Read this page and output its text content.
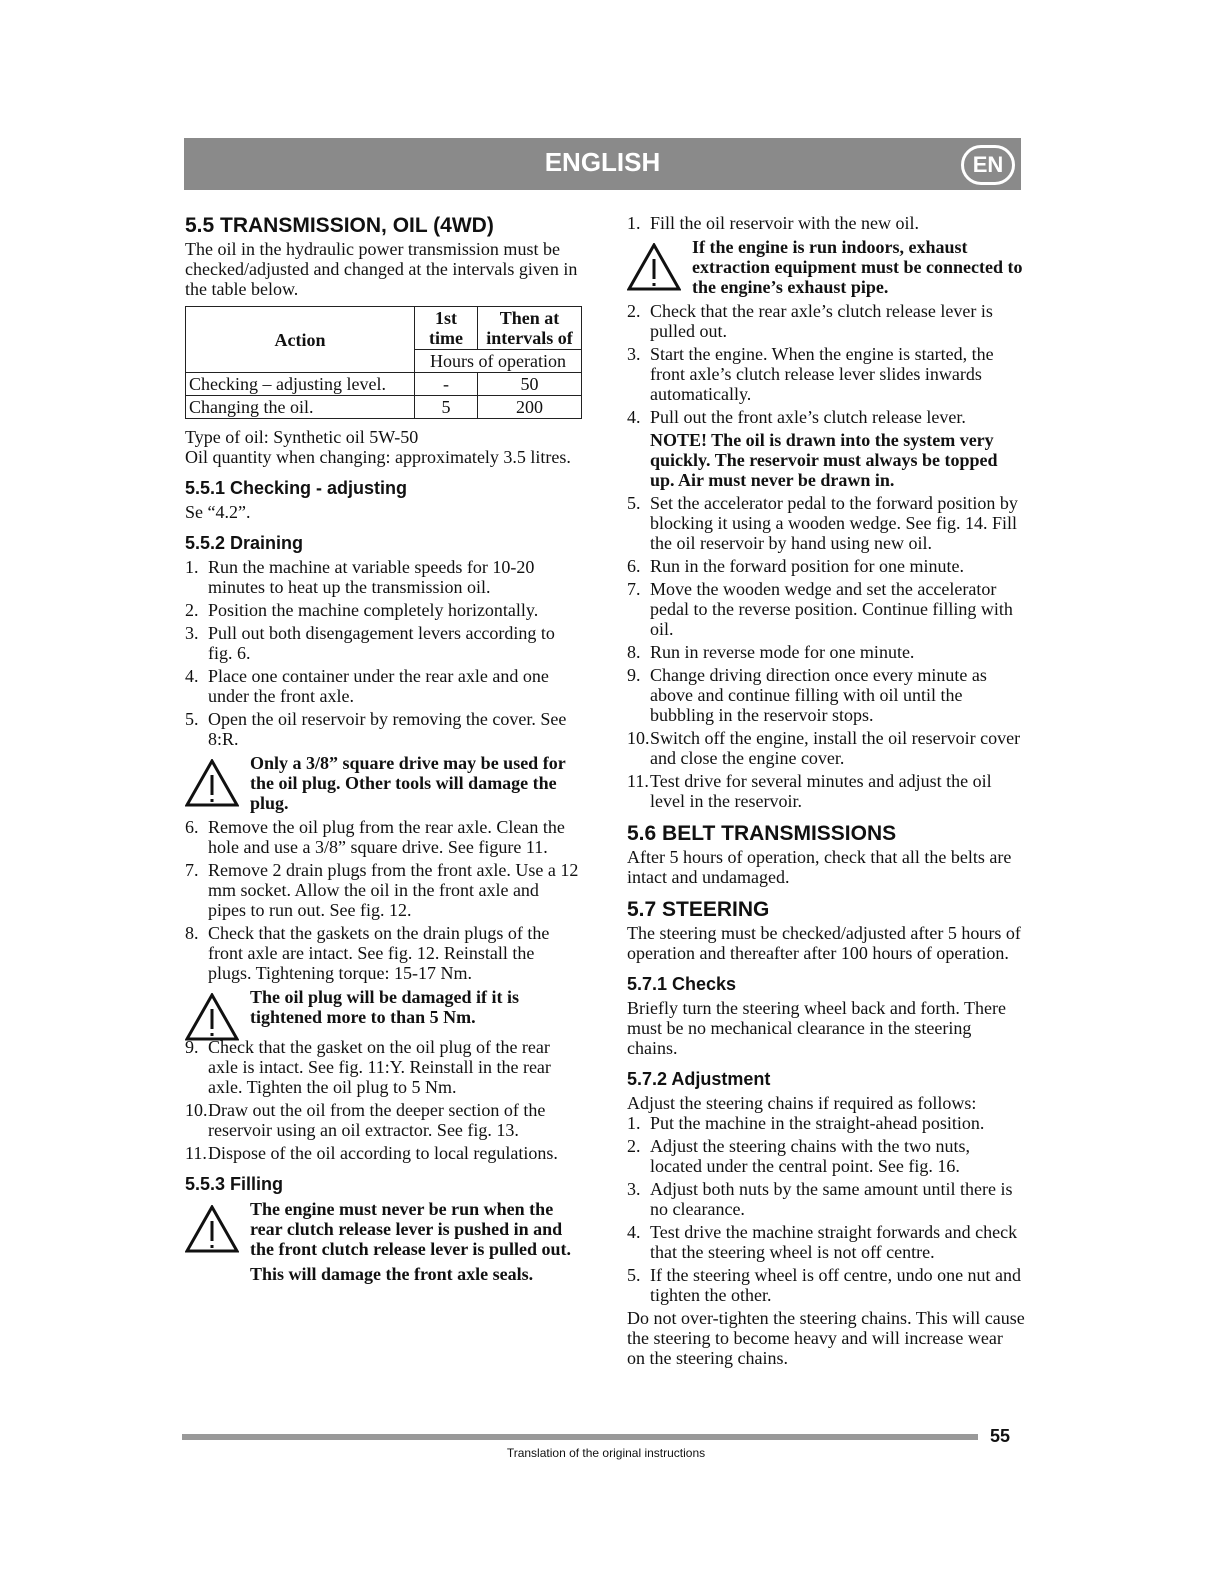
ENGLISH	EN
5.5 TRANSMISSION, OIL (4WD)

The oil in the hydraulic power transmission must be checked/adjusted and changed at the intervals given in the table below.

Action	1st time	Then at intervals of
	Hours of operation	
Checking – adjusting level.	-	50
Changing the oil.	5	200

Type of oil: Synthetic oil 5W-50

Oil quantity when changing: approximately 3.5 litres.

5.5.1 Checking - adjusting

Se “4.2”.

5.5.2 Draining
1. Run the machine at variable speeds for 10-20 minutes to heat up the transmission oil.
2. Position the machine completely horizontally.
3. Pull out both disengagement levers according to fig. 6.
4. Place one container under the rear axle and one under the front axle.
5. Open the oil reservoir by removing the cover. See 8:R.
Only a 3/8” square drive may be used for the oil plug. Other tools will damage the plug.
6. Remove the oil plug from the rear axle. Clean the hole and use a 3/8” square drive. See figure 11.
7. Remove 2 drain plugs from the front axle. Use a 12 mm socket. Allow the oil in the front axle and pipes to run out. See fig. 12.
8. Check that the gaskets on the drain plugs of the front axle are intact. See fig. 12. Reinstall the plugs. Tightening torque: 15-17 Nm.
The oil plug will be damaged if it is tightened more to than 5 Nm.
9. Check that the gasket on the oil plug of the rear axle is intact. See fig. 11:Y. Reinstall in the rear axle. Tighten the oil plug to 5 Nm.
10. Draw out the oil from the deeper section of the reservoir using an oil extractor. See fig. 13.
11. Dispose of the oil according to local regulations.
5.5.3 Filling
The engine must never be run when the rear clutch release lever is pushed in and the front clutch release lever is pulled out.
This will damage the front axle seals.
1. Fill the oil reservoir with the new oil.
If the engine is run indoors, exhaust extraction equipment must be connected to the engine’s exhaust pipe.
2. Check that the rear axle’s clutch release lever is pulled out.
3. Start the engine. When the engine is started, the front axle’s clutch release lever slides inwards automatically.
4. Pull out the front axle’s clutch release lever.
NOTE! The oil is drawn into the system very quickly. The reservoir must always be topped up. Air must never be drawn in.
5. Set the accelerator pedal to the forward position by blocking it using a wooden wedge. See fig. 14. Fill the oil reservoir by hand using new oil.
6. Run in the forward position for one minute.
7. Move the wooden wedge and set the accelerator pedal to the reverse position. Continue filling with oil.
8. Run in reverse mode for one minute.
9. Change driving direction once every minute as above and continue filling with oil until the bubbling in the reservoir stops.
10. Switch off the engine, install the oil reservoir cover and close the engine cover.
11. Test drive for several minutes and adjust the oil level in the reservoir.
5.6 BELT TRANSMISSIONS

After 5 hours of operation, check that all the belts are intact and undamaged.

5.7 STEERING

The steering must be checked/adjusted after 5 hours of operation and thereafter after 100 hours of operation.

5.7.1 Checks

Briefly turn the steering wheel back and forth. There must be no mechanical clearance in the steering chains.

5.7.2 Adjustment

Adjust the steering chains if required as follows:

1. Put the machine in the straight-ahead position.
2. Adjust the steering chains with the two nuts, located under the central point. See fig. 16.
3. Adjust both nuts by the same amount until there is no clearance.
4. Test drive the machine straight forwards and check that the steering wheel is not off centre.
5. If the steering wheel is off centre, undo one nut and tighten the other.

Do not over-tighten the steering chains. This will cause the steering to become heavy and will increase wear on the steering chains.

55
Translation of the original instructions
